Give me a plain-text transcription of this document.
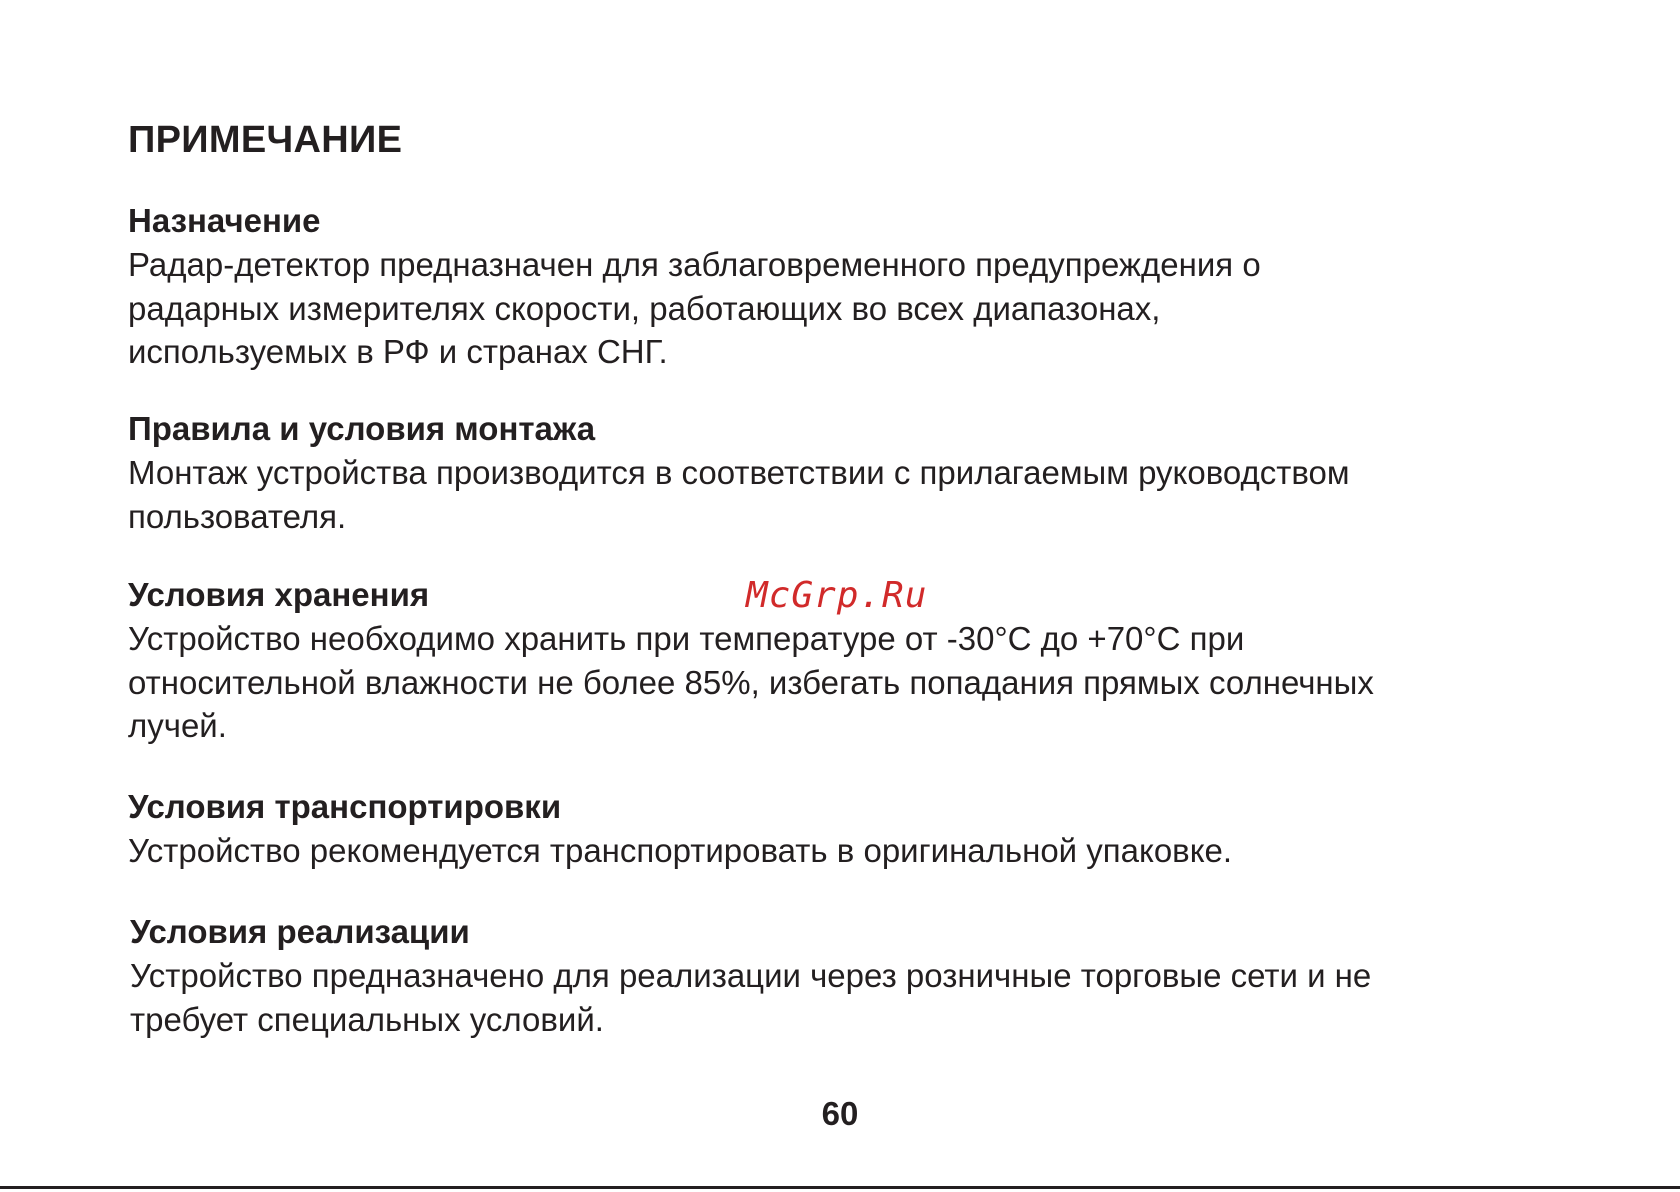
ПРИМЕЧАНИЕ
Назначение

Радар-детектор предназначен для заблаговременного предупреждения о
радарных измерителях скорости, работающих во всех диапазонах,
используемых в РФ и странах СНГ.

Правила и условия монтажа

Монтаж устройства производится в соответствии с прилагаемым руководством
пользователя.

Условия хранения

Устройство необходимо хранить при температуре от -30°С до +70°С при
относительной влажности не более 85%, избегать попадания прямых солнечных
лучей.

Условия транспортировки

Устройство рекомендуется транспортировать в оригинальной упаковке.

Условия реализации

Устройство предназначено для реализации через розничные торговые сети и не
требует специальных условий.

McGrp.Ru
60
